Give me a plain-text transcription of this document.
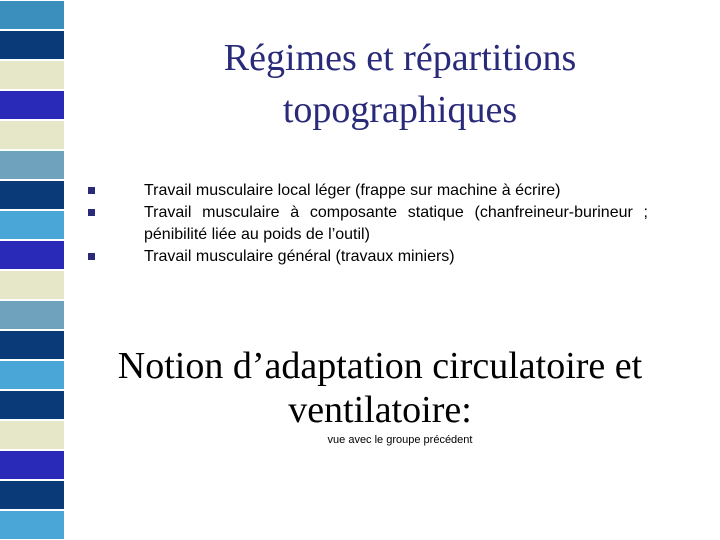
Régimes et répartitions topographiques
Travail musculaire local léger (frappe sur machine à écrire)
Travail musculaire à composante statique (chanfreineur-burineur ; pénibilité liée au poids de l’outil)
Travail musculaire général (travaux miniers)
Notion d’adaptation circulatoire et ventilatoire:
vue avec le groupe précédent
